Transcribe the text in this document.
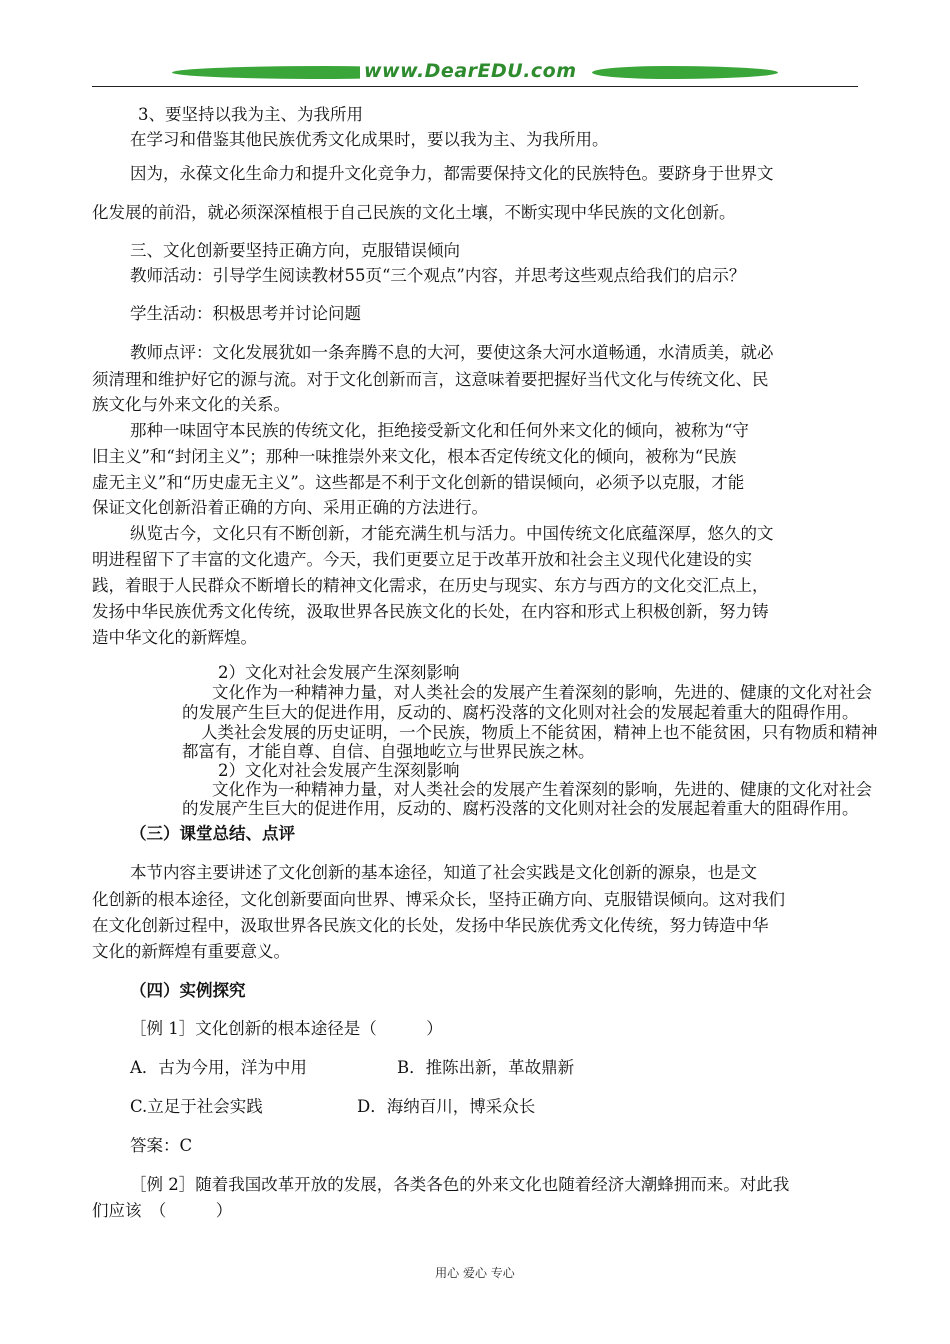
www.DearEDU.com
3、要坚持以我为主、为我所用
在学习和借鉴其他民族优秀文化成果时，要以我为主、为我所用。
因为，永葆文化生命力和提升文化竞争力，都需要保持文化的民族特色。要跻身于世界文
化发展的前沿，就必须深深植根于自己民族的文化土壤，不断实现中华民族的文化创新。
三、文化创新要坚持正确方向，克服错误倾向
教师活动：引导学生阅读教材55页“三个观点”内容，并思考这些观点给我们的启示？
学生活动：积极思考并讨论问题
教师点评：文化发展犹如一条奔腾不息的大河，要使这条大河水道畅通，水清质美，就必
须清理和维护好它的源与流。对于文化创新而言，这意味着要把握好当代文化与传统文化、民
族文化与外来文化的关系。
那种一味固守本民族的传统文化，拒绝接受新文化和任何外来文化的倾向，被称为“守
旧主义”和“封闭主义”；那种一味推崇外来文化，根本否定传统文化的倾向，被称为“民族
虚无主义”和“历史虚无主义”。这些都是不利于文化创新的错误倾向，必须予以克服，才能
保证文化创新沿着正确的方向、采用正确的方法进行。
纵览古今，文化只有不断创新，才能充满生机与活力。中国传统文化底蕴深厚，悠久的文
明进程留下了丰富的文化遗产。今天，我们更要立足于改革开放和社会主义现代化建设的实
践，着眼于人民群众不断增长的精神文化需求，在历史与现实、东方与西方的文化交汇点上，
发扬中华民族优秀文化传统，汲取世界各民族文化的长处，在内容和形式上积极创新，努力铸
造中华文化的新辉煌。
2）文化对社会发展产生深刻影响
文化作为一种精神力量，对人类社会的发展产生着深刻的影响，先进的、健康的文化对社会
的发展产生巨大的促进作用，反动的、腐朽没落的文化则对社会的发展起着重大的阻碍作用。
人类社会发展的历史证明，一个民族，物质上不能贫困，精神上也不能贫困，只有物质和精神
都富有，才能自尊、自信、自强地屹立与世界民族之林。
2）文化对社会发展产生深刻影响
文化作为一种精神力量，对人类社会的发展产生着深刻的影响，先进的、健康的文化对社会
的发展产生巨大的促进作用，反动的、腐朽没落的文化则对社会的发展起着重大的阻碍作用。
（三）课堂总结、点评
本节内容主要讲述了文化创新的基本途径，知道了社会实践是文化创新的源泉，也是文
化创新的根本途径，文化创新要面向世界、博采众长，坚持正确方向、克服错误倾向。这对我们
在文化创新过程中，汲取世界各民族文化的长处，发扬中华民族优秀文化传统，努力铸造中华
文化的新辉煌有重要意义。
（四）实例探究
［例 1］文化创新的根本途径是（　　　）
A．古为今用，洋为中用	B．推陈出新，革故鼎新
C.立足于社会实践	D．海纳百川，博采众长
答案：C
［例 2］随着我国改革开放的发展，各类各色的外来文化也随着经济大潮蜂拥而来。对此我
们应该　（　　　）
用心 爱心 专心
